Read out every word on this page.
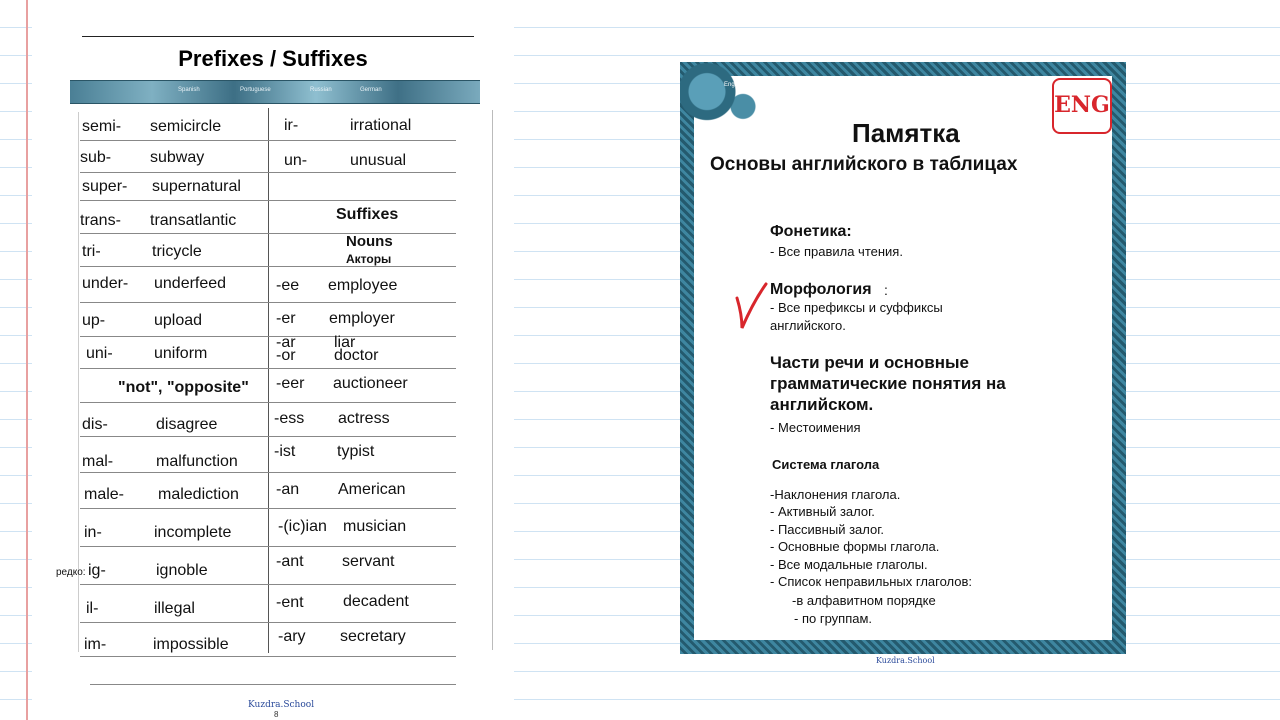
Prefixes / Suffixes
Spanish	Portuguese	Russian	German
semi- semicircle
sub- subway
super- supernatural
trans- transatlantic
tri-	tricycle
under- underfeed
up-	upload
uni-	uniform
"not", "opposite"
dis-	disagree
mal-	malfunction
male- malediction
in-	incomplete
редко: ig-	ignoble
il-	illegal
im-	impossible
ir-	irrational
un-	unusual
Suffixes
Nouns
Акторы
-ee employee
-er employer
-ar liar
-or doctor
-eer auctioneer
-ess actress
-ist	typist
-an American
-(ic)ian musician
-ant servant
-ent decadent
-ary secretary
Kuzdra.School
8
English
ENG
Памятка
Основы английского в таблицах
Фонетика:
- Все правила чтения.
Морфология :
- Все префиксы и суффиксы
английского.
Части речи и основные
грамматические понятия на
английском.
- Местоимения
Система глагола
-Наклонения глагола.
- Активный залог.
- Пассивный залог.
- Основные формы глагола.
- Все модальные глаголы.
- Список неправильных глаголов:
-в алфавитном порядке
- по группам.
Kuzdra.School
